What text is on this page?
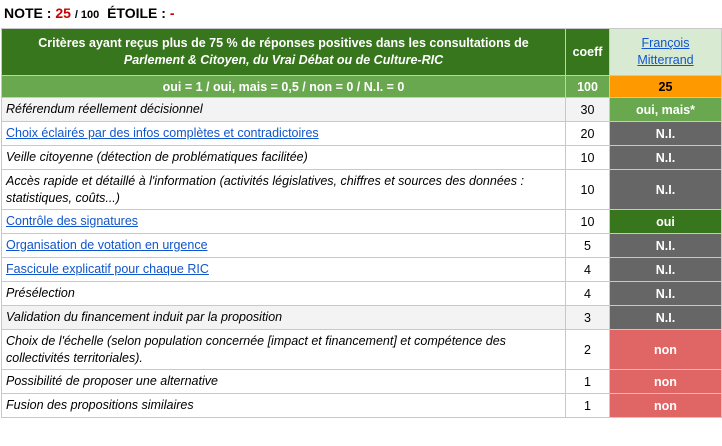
NOTE : 25 / 100 ÉTOILE : -
Critères ayant reçus plus de 75 % de réponses positives dans les consultations de
Parlement & Citoyen, du Vrai Débat ou de Culture-RIC	coeff	François
Mitterrand
oui = 1 / oui, mais = 0,5 / non = 0 / N.I. = 0	100	25
Référendum réellement décisionnel	30	oui, mais*
Choix éclairés par des infos complètes et contradictoires	20	N.I.
Veille citoyenne (détection de problématiques facilitée)	10	N.I.
Accès rapide et détaillé à l'information (activités législatives, chiffres et sources des données : statistiques, coûts...)	10	N.I.
Contrôle des signatures	10	oui
Organisation de votation en urgence	5	N.I.
Fascicule explicatif pour chaque RIC	4	N.I.
Présélection	4	N.I.
Validation du financement induit par la proposition	3	N.I.
Choix de l'échelle (selon population concernée [impact et financement] et compétence des collectivités territoriales).	2	non
Possibilité de proposer une alternative	1	non
Fusion des propositions similaires	1	non
